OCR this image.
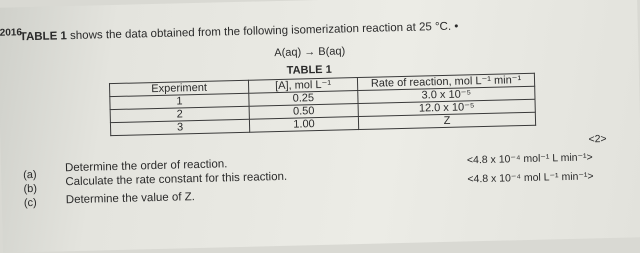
2016
TABLE 1 shows the data obtained from the following isomerization reaction at 25 °C. •
A(aq) → B(aq)
TABLE 1
Experiment	[A], mol L⁻¹	Rate of reaction, mol L⁻¹ min⁻¹
1	0.25	3.0 x 10⁻⁵
2	0.50	12.0 x 10⁻⁵
3	1.00	Z
<2>
(a)
Determine the order of reaction.
(b)
Calculate the rate constant for this reaction.
<4.8 x 10⁻⁴ mol⁻¹ L min⁻¹>
(c)	Determine the value of Z.
<4.8 x 10⁻⁴ mol L⁻¹ min⁻¹>
